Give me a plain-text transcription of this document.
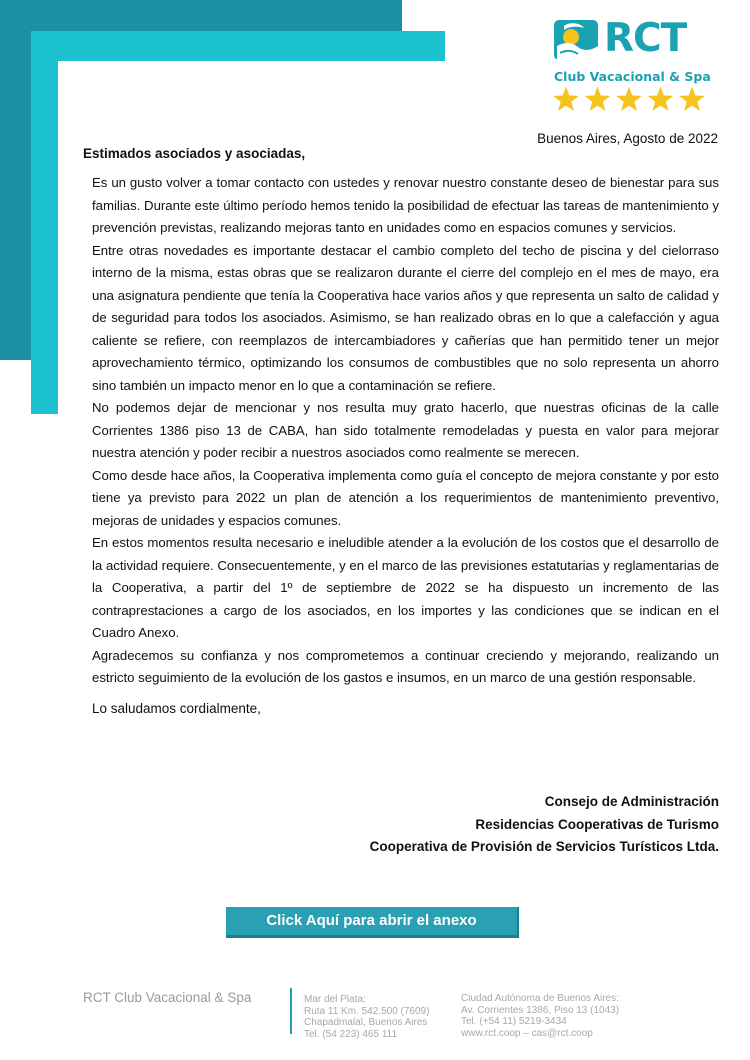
RCT
Club Vacacional & Spa
Buenos Aires, Agosto de 2022
Estimados asociados y asociadas,

Es un gusto volver a tomar contacto con ustedes y renovar nuestro constante deseo de bienestar para sus familias. Durante este último período hemos tenido la posibilidad de efectuar las tareas de mantenimiento y prevención previstas, realizando mejoras tanto en unidades como en espacios comunes y servicios.

Entre otras novedades es importante destacar el cambio completo del techo de piscina y del cielorraso interno de la misma, estas obras que se realizaron durante el cierre del complejo en el mes de mayo, era una asignatura pendiente que tenía la Cooperativa hace varios años y que representa un salto de calidad y de seguridad para todos los asociados. Asimismo, se han realizado obras en lo que a calefacción y agua caliente se refiere, con reemplazos de intercambiadores y cañerías que han permitido tener un mejor aprovechamiento térmico, optimizando los consumos de combustibles que no solo representa un ahorro sino también un impacto menor en lo que a contaminación se refiere.

No podemos dejar de mencionar y nos resulta muy grato hacerlo, que nuestras oficinas de la calle Corrientes 1386 piso 13 de CABA, han sido totalmente remodeladas y puesta en valor para mejorar nuestra atención y poder recibir a nuestros asociados como realmente se merecen.

Como desde hace años, la Cooperativa implementa como guía el concepto de mejora constante y por esto tiene ya previsto para 2022 un plan de atención a los requerimientos de mantenimiento preventivo, mejoras de unidades y espacios comunes.

En estos momentos resulta necesario e ineludible atender a la evolución de los costos que el desarrollo de la actividad requiere. Consecuentemente, y en el marco de las previsiones estatutarias y reglamentarias de la Cooperativa, a partir del 1º de septiembre de 2022 se ha dispuesto un incremento de las contraprestaciones a cargo de los asociados, en los importes y las condiciones que se indican en el Cuadro Anexo.

Agradecemos su confianza y nos comprometemos a continuar creciendo y mejorando, realizando un estricto seguimiento de la evolución de los gastos e insumos, en un marco de una gestión responsable.

Lo saludamos cordialmente,
Consejo de Administración
Residencias Cooperativas de Turismo
Cooperativa de Provisión de Servicios Turísticos Ltda.
Click Aquí para abrir el anexo
RCT Club Vacacional & Spa	Mar del Plata:
Ruta 11 Km. 542.500 (7609)
Chapadmalal, Buenos Aires
Tel. (54 223) 465 111
Ciudad Autónoma de Buenos Aires:
Av. Corrientes 1386, Piso 13 (1043)
Tel. (+54 11) 5219-3434
www.rct.coop – cas@rct.coop
